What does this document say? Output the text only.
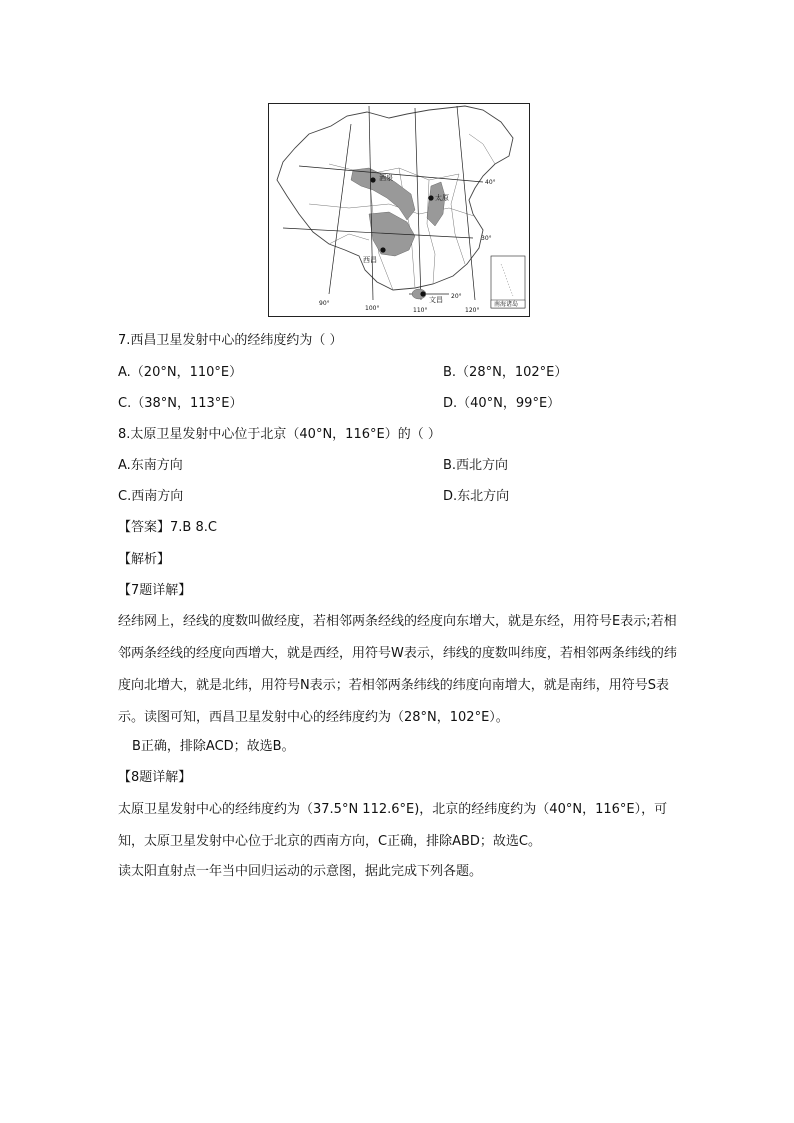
酒泉
太原
西昌
文昌
40°
30°
20°
90°
100°	110°	120°
南海诸岛
7.西昌卫星发射中心的经纬度约为（ ）
A.（20°N，110°E）	B.（28°N，102°E）
C.（38°N，113°E）	D.（40°N，99°E）
8.太原卫星发射中心位于北京（40°N，116°E）的（ ）
A.东南方向	B.西北方向
C.西南方向	D.东北方向
【答案】7.B 8.C
【解析】
【7题详解】
经纬网上，经线的度数叫做经度，若相邻两条经线的经度向东增大，就是东经，用符号E表示;若相邻两条经线的经度向西增大，就是西经，用符号W表示，纬线的度数叫纬度，若相邻两条纬线的纬度向北增大，就是北纬，用符号N表示；若相邻两条纬线的纬度向南增大，就是南纬，用符号S表示。读图可知，西昌卫星发射中心的经纬度约为（28°N，102°E）。
B正确，排除ACD；故选B。
【8题详解】
太原卫星发射中心的经纬度约为（37.5°N 112.6°E)，北京的经纬度约为（40°N，116°E），可知，太原卫星发射中心位于北京的西南方向，C正确，排除ABD；故选C。
读太阳直射点一年当中回归运动的示意图，据此完成下列各题。
